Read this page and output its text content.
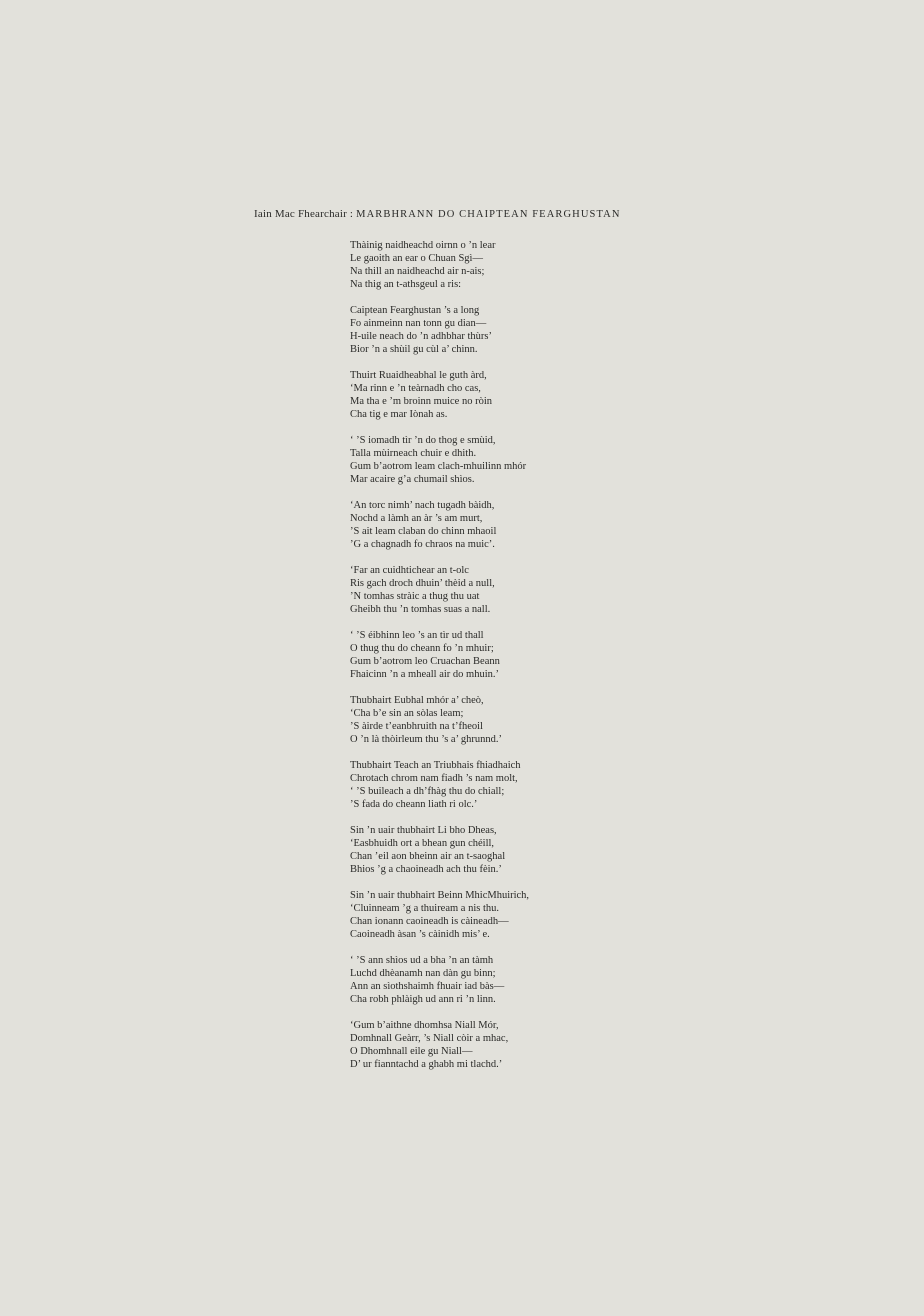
Iain Mac Fhearchair : MARBHRANN DO CHAIPTEAN FEARGHUSTAN
Thàinig naidheachd oirnn o ’n lear
Le gaoith an ear o Chuan Sgì—
Na thill an naidheachd air n-ais;
Na thig an t-athsgeul a ris:
Caiptean Fearghustan ’s a long
Fo ainmeinn nan tonn gu dian—
H-uile neach do ’n adhbhar thùrs’
Bior ’n a shùil gu cùl a’ chinn.
Thuirt Ruaidheabhal le guth àrd,
‘Ma rinn e ’n teàrnadh cho cas,
Ma tha e ’m broinn muice no ròin
Cha tig e mar Iònah as.
‘ ’S iomadh tìr ’n do thog e smùid,
Talla mùirneach chuir e dhith.
Gum b’aotrom leam clach-mhuilinn mhór
Mar acaire g’a chumail shìos.
‘An torc nimh’ nach tugadh bàidh,
Nochd a làmh an àr ’s am murt,
’S ait leam claban do chinn mhaoil
’G a chagnadh fo chraos na muic’.
‘Far an cuidhtichear an t-olc
Ris gach droch dhuin’ thèid a null,
’N tomhas stràic a thug thu uat
Gheibh thu ’n tomhas suas a nall.
‘ ’S éibhinn leo ’s an tìr ud thall
O thug thu do cheann fo ’n mhuir;
Gum b’aotrom leo Cruachan Beann
Fhaicinn ’n a mheall air do mhuin.’
Thubhairt Eubhal mhór a’ cheò,
‘Cha b’e sin an sòlas leam;
’S àirde t’eanbhruith na t’fheoil
O ’n là thòirleum thu ’s a’ ghrunnd.’
Thubhairt Teach an Triubhais fhiadhaich
Chrotach chrom nam fiadh ’s nam molt,
‘ ’S buileach a dh’fhàg thu do chiall;
’S fada do cheann liath ri olc.’
Sin ’n uair thubhairt Li bho Dheas,
‘Easbhuidh ort a bhean gun chéill,
Chan ’eil aon bheinn air an t-saoghal
Bhios ’g a chaoineadh ach thu fèin.’
Sin ’n uair thubhairt Beinn MhicMhuirich,
‘Cluinneam ’g a thuiream a nis thu.
Chan ionann caoineadh is càineadh—
Caoineadh àsan ’s càinidh mis’ e.
‘ ’S ann shìos ud a bha ’n an tàmh
Luchd dhèanamh nan dàn gu binn;
Ann an sìothshaimh fhuair iad bàs—
Cha robh phlàigh ud ann ri ’n linn.
‘Gum b’aithne dhomhsa Niall Mór,
Domhnall Geàrr, ’s Niall còir a mhac,
O Dhomhnall eile gu Niall—
D’ ur fianntachd a ghabh mi tlachd.’
